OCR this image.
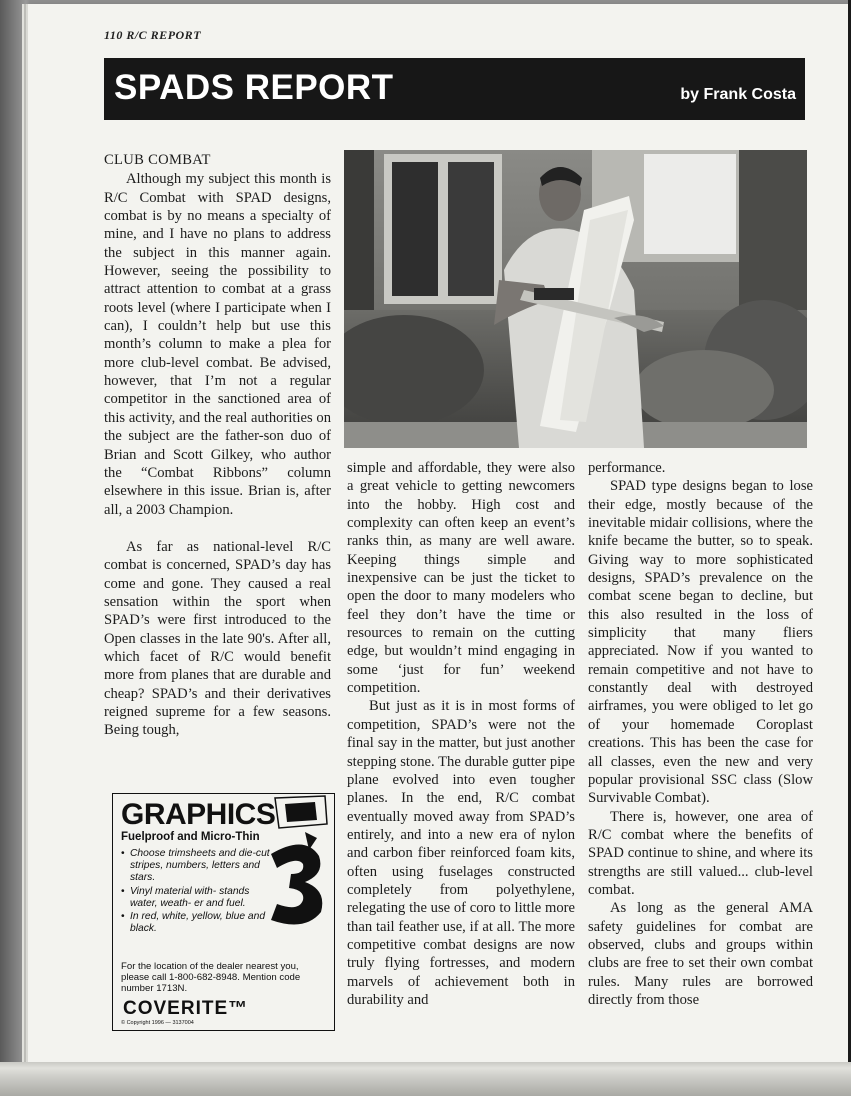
110 R/C REPORT
SPADS REPORT	by Frank Costa
CLUB COMBAT

Although my subject this month is R/C Combat with SPAD designs, combat is by no means a specialty of mine, and I have no plans to address the subject in this manner again. However, seeing the possibility to attract attention to combat at a grass roots level (where I participate when I can), I couldn’t help but use this month’s column to make a plea for more club-level combat. Be advised, however, that I’m not a regular competitor in the sanctioned area of this activity, and the real authorities on the subject are the father-son duo of Brian and Scott Gilkey, who author the “Combat Ribbons” column elsewhere in this issue. Brian is, after all, a 2003 Champion.

As far as national-level R/C combat is concerned, SPAD’s day has come and gone. They caused a real sensation within the sport when SPAD’s were first introduced to the Open classes in the late 90's. After all, which facet of R/C would benefit more from planes that are durable and cheap? SPAD’s and their derivatives reigned supreme for a few seasons. Being tough,

simple and affordable, they were also a great vehicle to getting newcomers into the hobby. High cost and complexity can often keep an event’s ranks thin, as many are well aware. Keeping things simple and inexpensive can be just the ticket to open the door to many modelers who feel they don’t have the time or resources to remain on the cutting edge, but wouldn’t mind engaging in some ‘just for fun’ weekend competition.

But just as it is in most forms of competition, SPAD’s were not the final say in the matter, but just another stepping stone. The durable gutter pipe plane evolved into even tougher planes. In the end, R/C combat eventually moved away from SPAD’s entirely, and into a new era of nylon and carbon fiber reinforced foam kits, often using fuselages constructed completely from polyethylene, relegating the use of coro to little more than tail feather use, if at all. The more competitive combat designs are now truly flying fortresses, and modern marvels of achievement both in durability and

performance.

SPAD type designs began to lose their edge, mostly because of the inevitable midair collisions, where the knife became the butter, so to speak. Giving way to more sophisticated designs, SPAD’s prevalence on the combat scene began to decline, but this also resulted in the loss of simplicity that many fliers appreciated. Now if you wanted to remain competitive and not have to constantly deal with destroyed airframes, you were obliged to let go of your homemade Coroplast creations. This has been the case for all classes, even the new and very popular provisional SSC class (Slow Survivable Combat).

There is, however, one area of R/C combat where the benefits of SPAD continue to shine, and where its strengths are still valued... club-level combat.

As long as the general AMA safety guidelines for combat are observed, clubs and groups within clubs are free to set their own combat rules. Many rules are borrowed directly from those

GRAPHICS
Fuelproof and Micro-Thin
• Choose trimsheets and die-cut stripes, numbers, letters and stars.
• Vinyl material with- stands water, weath- er and fuel.
• In red, white, yellow, blue and black.
For the location of the dealer nearest you, please call 1-800-682-8948. Mention code number 1713N.
COVERITE™
© Copyright 1996 — 3137004
